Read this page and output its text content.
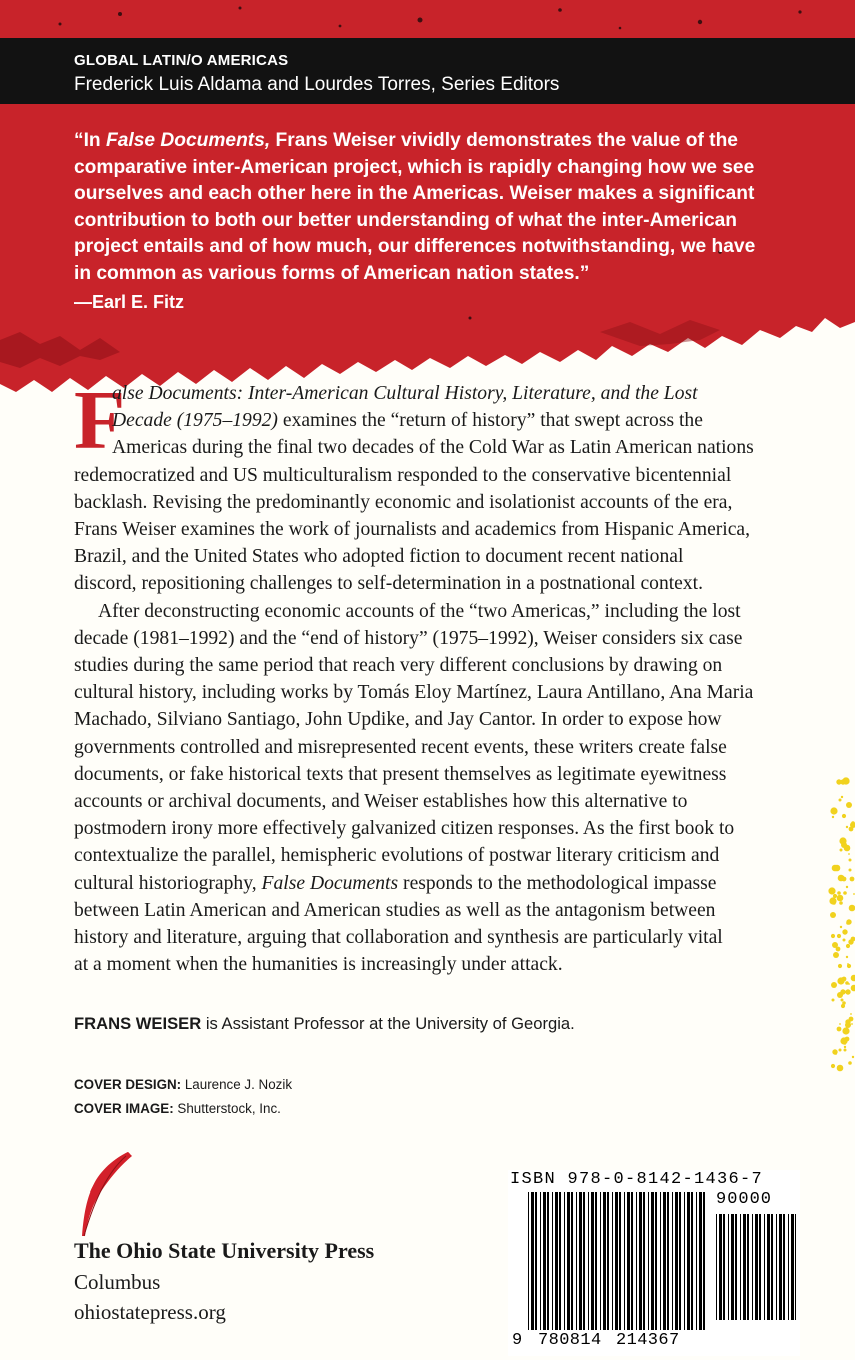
GLOBAL LATIN/O AMERICAS
Frederick Luis Aldama and Lourdes Torres, Series Editors
“In False Documents, Frans Weiser vividly demonstrates the value of the
comparative inter-American project, which is rapidly changing how we see
ourselves and each other here in the Americas. Weiser makes a significant
contribution to both our better understanding of what the inter-American
project entails and of how much, our differences notwithstanding, we have
in common as various forms of American nation states.”
—Earl E. Fitz
F
alse Documents: Inter-American Cultural History, Literature, and the Lost
Decade (1975–1992) examines the “return of history” that swept across the
Americas during the final two decades of the Cold War as Latin American nations
redemocratized and US multiculturalism responded to the conservative bicentennial
backlash. Revising the predominantly economic and isolationist accounts of the era,
Frans Weiser examines the work of journalists and academics from Hispanic America,
Brazil, and the United States who adopted fiction to document recent national
discord, repositioning challenges to self-determination in a postnational context.
After deconstructing economic accounts of the “two Americas,” including the lost
decade (1981–1992) and the “end of history” (1975–1992), Weiser considers six case
studies during the same period that reach very different conclusions by drawing on
cultural history, including works by Tomás Eloy Martínez, Laura Antillano, Ana Maria
Machado, Silviano Santiago, John Updike, and Jay Cantor. In order to expose how
governments controlled and misrepresented recent events, these writers create false
documents, or fake historical texts that present themselves as legitimate eyewitness
accounts or archival documents, and Weiser establishes how this alternative to
postmodern irony more effectively galvanized citizen responses. As the first book to
contextualize the parallel, hemispheric evolutions of postwar literary criticism and
cultural historiography, False Documents responds to the methodological impasse
between Latin American and American studies as well as the antagonism between
history and literature, arguing that collaboration and synthesis are particularly vital
at a moment when the humanities is increasingly under attack.
FRANS WEISER is Assistant Professor at the University of Georgia.
COVER DESIGN: Laurence J. Nozik
COVER IMAGE: Shutterstock, Inc.
The Ohio State University Press
Columbus
ohiostatepress.org
ISBN 978-0-8142-1436-7
90000
9 780814 214367
